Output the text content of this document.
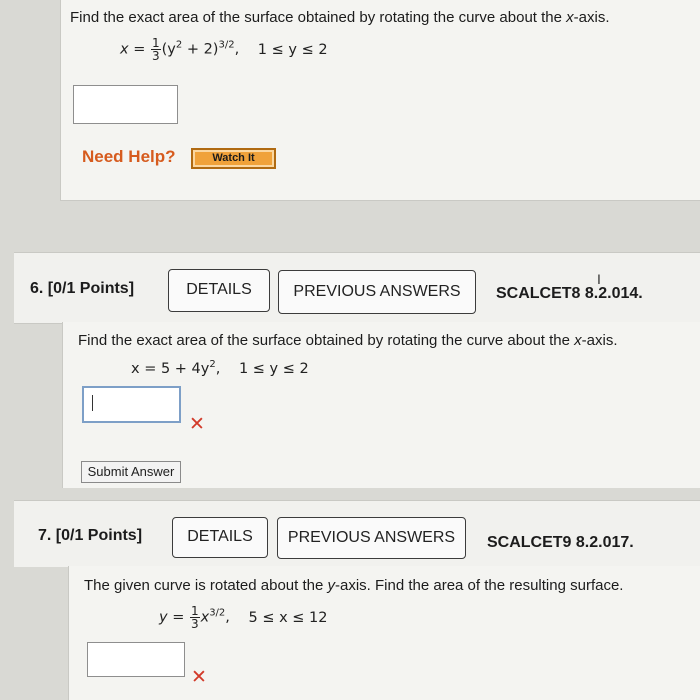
Find the exact area of the surface obtained by rotating the curve about the x-axis.
$x = \frac{1}{3} (y^2 + 2)^{3/2}$, 1 ≤ y ≤ 2
Need Help?	Watch It
6. [0/1 Points]	DETAILS	PREVIOUS ANSWERS	SCALCET8 8.2.014.
I
Find the exact area of the surface obtained by rotating the curve about the x-axis.
$x = 5 + 4y^2$, 1 ≤ y ≤ 2
✕
Submit Answer
7. [0/1 Points]	DETAILS	PREVIOUS ANSWERS	SCALCET9 8.2.017.
The given curve is rotated about the y-axis. Find the area of the resulting surface.
$y = \frac{1}{3} x^{3/2}$, 5 ≤ x ≤ 12
✕
